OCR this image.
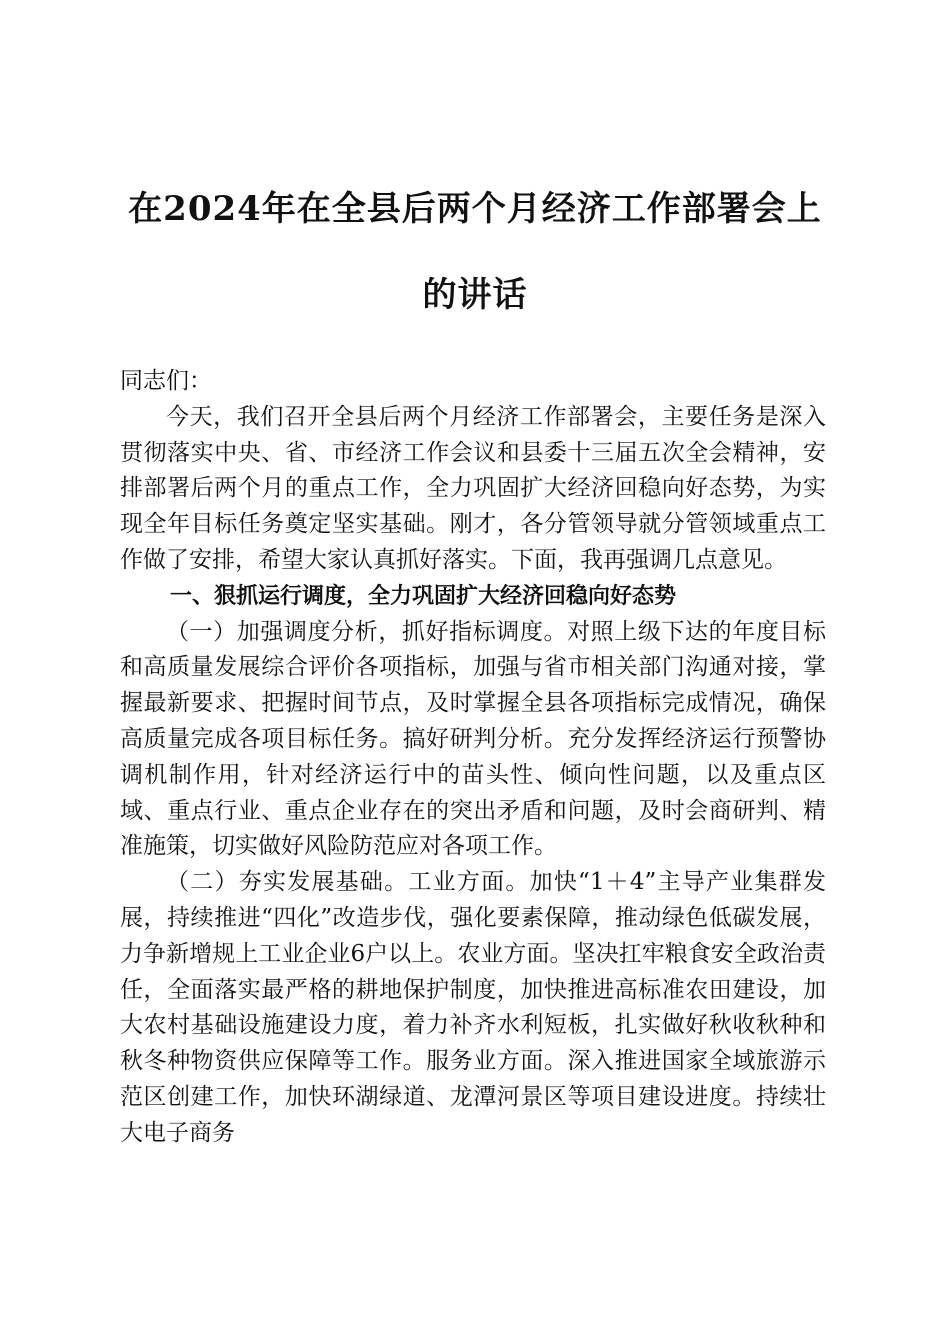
在2024年在全县后两个月经济工作部署会上
的讲话

同志们：

今天，我们召开全县后两个月经济工作部署会，主要任务是深入贯彻落实中央、省、市经济工作会议和县委十三届五次全会精神，安排部署后两个月的重点工作，全力巩固扩大经济回稳向好态势，为实现全年目标任务奠定坚实基础。刚才，各分管领导就分管领域重点工作做了安排，希望大家认真抓好落实。下面，我再强调几点意见。

一、狠抓运行调度，全力巩固扩大经济回稳向好态势

（一）加强调度分析，抓好指标调度。对照上级下达的年度目标和高质量发展综合评价各项指标，加强与省市相关部门沟通对接，掌握最新要求、把握时间节点，及时掌握全县各项指标完成情况，确保高质量完成各项目标任务。搞好研判分析。充分发挥经济运行预警协调机制作用，针对经济运行中的苗头性、倾向性问题，以及重点区域、重点行业、重点企业存在的突出矛盾和问题，及时会商研判、精准施策，切实做好风险防范应对各项工作。

（二）夯实发展基础。工业方面。加快“1＋4”主导产业集群发展，持续推进“四化”改造步伐，强化要素保障，推动绿色低碳发展，力争新增规上工业企业6户以上。农业方面。坚决扛牢粮食安全政治责任，全面落实最严格的耕地保护制度，加快推进高标准农田建设，加大农村基础设施建设力度，着力补齐水利短板，扎实做好秋收秋种和秋冬种物资供应保障等工作。服务业方面。深入推进国家全域旅游示范区创建工作，加快环湖绿道、龙潭河景区等项目建设进度。持续壮大电子商务
